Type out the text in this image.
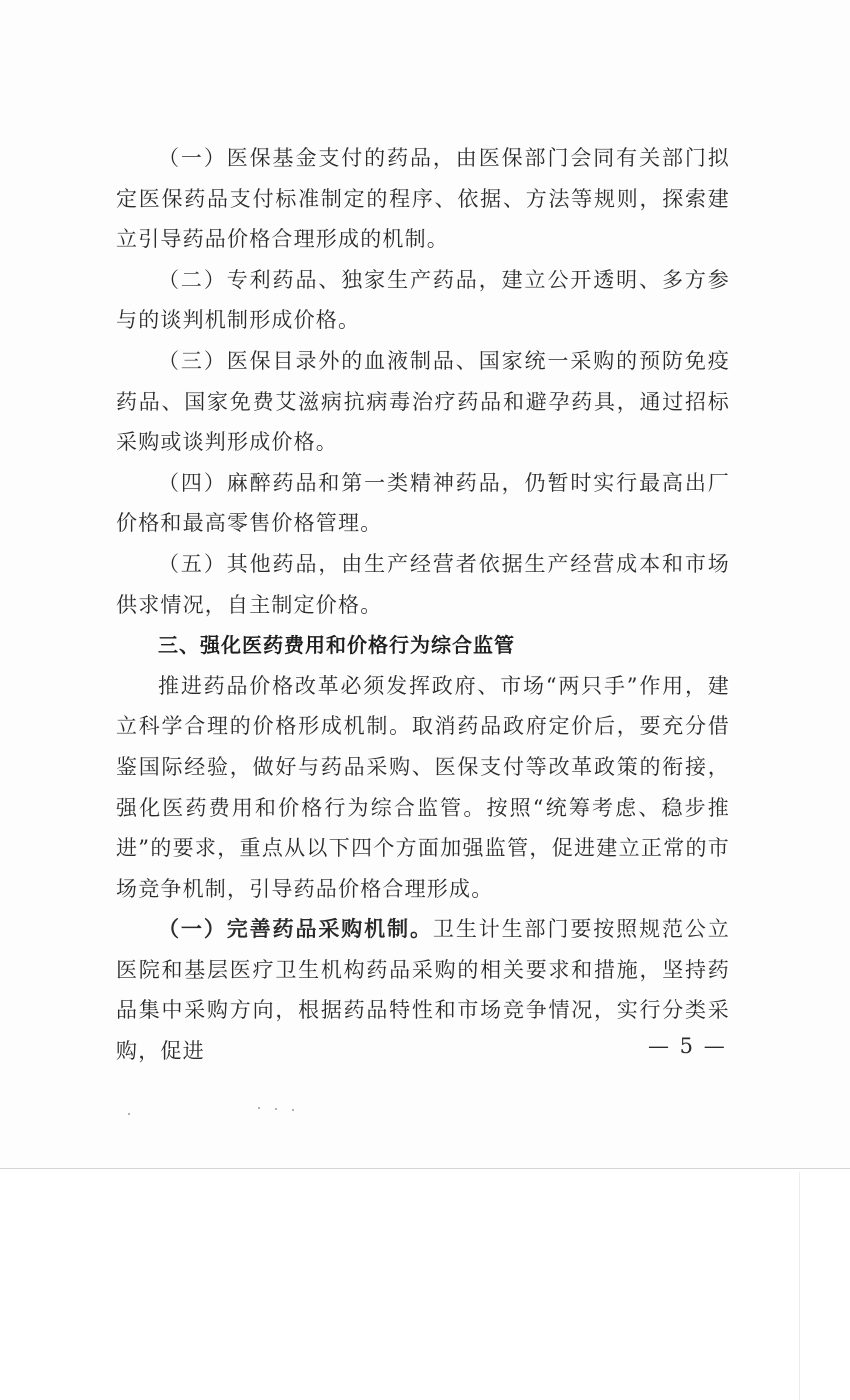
（一）医保基金支付的药品，由医保部门会同有关部门拟定医保药品支付标准制定的程序、依据、方法等规则，探索建立引导药品价格合理形成的机制。

（二）专利药品、独家生产药品，建立公开透明、多方参与的谈判机制形成价格。

（三）医保目录外的血液制品、国家统一采购的预防免疫药品、国家免费艾滋病抗病毒治疗药品和避孕药具，通过招标采购或谈判形成价格。

（四）麻醉药品和第一类精神药品，仍暂时实行最高出厂价格和最高零售价格管理。

（五）其他药品，由生产经营者依据生产经营成本和市场供求情况，自主制定价格。

三、强化医药费用和价格行为综合监管

推进药品价格改革必须发挥政府、市场“两只手”作用，建立科学合理的价格形成机制。取消药品政府定价后，要充分借鉴国际经验，做好与药品采购、医保支付等改革政策的衔接，强化医药费用和价格行为综合监管。按照“统筹考虑、稳步推进”的要求，重点从以下四个方面加强监管，促进建立正常的市场竞争机制，引导药品价格合理形成。

（一）完善药品采购机制。卫生计生部门要按照规范公立医院和基层医疗卫生机构药品采购的相关要求和措施，坚持药品集中采购方向，根据药品特性和市场竞争情况，实行分类采购，促进	— 5 —
